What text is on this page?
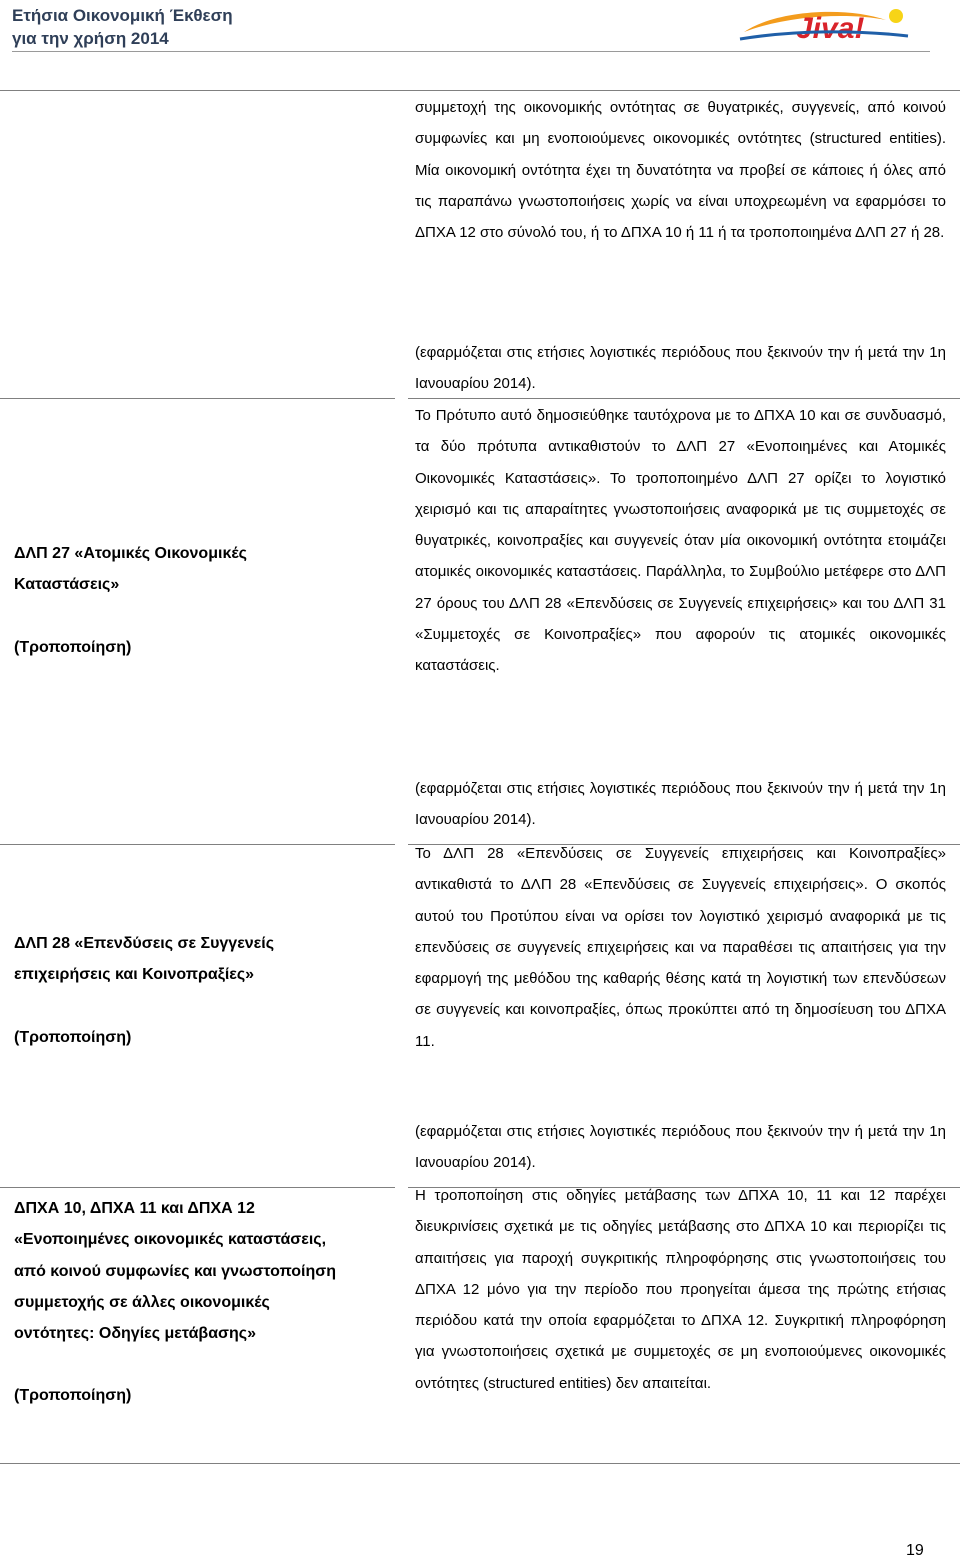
Ετήσια Οικονομική Έκθεση
για την χρήση 2014	Jiva!
συμμετοχή της οικονομικής οντότητας σε θυγατρικές, συγγενείς, από κοινού συμφωνίες και μη ενοποιούμενες οικονομικές οντότητες (structured entities). Μία οικονομική οντότητα έχει τη δυνατότητα να προβεί σε κάποιες ή όλες από τις παραπάνω γνωστοποιήσεις χωρίς να είναι υποχρεωμένη να εφαρμόσει το ΔΠΧΑ 12 στο σύνολό του, ή το ΔΠΧΑ 10 ή 11 ή τα τροποποιημένα ΔΛΠ 27 ή 28.
(εφαρμόζεται στις ετήσιες λογιστικές περιόδους που ξεκινούν την ή μετά την 1η Ιανουαρίου 2014).
ΔΛΠ 27 «Ατομικές Οικονομικές
Καταστάσεις»
(Τροποποίηση)
Το Πρότυπο αυτό δημοσιεύθηκε ταυτόχρονα με το ΔΠΧΑ 10 και σε συνδυασμό, τα δύο πρότυπα αντικαθιστούν το ΔΛΠ 27 «Ενοποιημένες και Ατομικές Οικονομικές Καταστάσεις». Το τροποποιημένο ΔΛΠ 27 ορίζει το λογιστικό χειρισμό και τις απαραίτητες γνωστοποιήσεις αναφορικά με τις συμμετοχές σε θυγατρικές, κοινοπραξίες και συγγενείς όταν μία οικονομική οντότητα ετοιμάζει ατομικές οικονομικές καταστάσεις. Παράλληλα, το Συμβούλιο μετέφερε στο ΔΛΠ 27 όρους του ΔΛΠ 28 «Επενδύσεις σε Συγγενείς επιχειρήσεις» και του ΔΛΠ 31 «Συμμετοχές σε Κοινοπραξίες» που αφορούν τις ατομικές οικονομικές καταστάσεις.
(εφαρμόζεται στις ετήσιες λογιστικές περιόδους που ξεκινούν την ή μετά την 1η Ιανουαρίου 2014).
ΔΛΠ 28 «Επενδύσεις σε Συγγενείς
επιχειρήσεις και Κοινοπραξίες»
(Τροποποίηση)
Το ΔΛΠ 28 «Επενδύσεις σε Συγγενείς επιχειρήσεις και Κοινοπραξίες» αντικαθιστά το ΔΛΠ 28 «Επενδύσεις σε Συγγενείς επιχειρήσεις». Ο σκοπός αυτού του Προτύπου είναι να ορίσει τον λογιστικό χειρισμό αναφορικά με τις επενδύσεις σε συγγενείς επιχειρήσεις και να παραθέσει τις απαιτήσεις για την εφαρμογή της μεθόδου της καθαρής θέσης κατά τη λογιστική των επενδύσεων σε συγγενείς και κοινοπραξίες, όπως προκύπτει από τη δημοσίευση του ΔΠΧΑ 11.
(εφαρμόζεται στις ετήσιες λογιστικές περιόδους που ξεκινούν την ή μετά την 1η Ιανουαρίου 2014).
ΔΠΧΑ 10, ΔΠΧΑ 11 και ΔΠΧΑ 12
«Ενοποιημένες οικονομικές καταστάσεις,
από κοινού συμφωνίες και γνωστοποίηση
συμμετοχής σε άλλες οικονομικές
οντότητες: Οδηγίες μετάβασης»
(Τροποποίηση)
Η τροποποίηση στις οδηγίες μετάβασης των ΔΠΧΑ 10, 11 και 12 παρέχει διευκρινίσεις σχετικά με τις οδηγίες μετάβασης στο ΔΠΧΑ 10 και περιορίζει τις απαιτήσεις για παροχή συγκριτικής πληροφόρησης στις γνωστοποιήσεις του ΔΠΧΑ 12 μόνο για την περίοδο που προηγείται άμεσα της πρώτης ετήσιας περιόδου κατά την οποία εφαρμόζεται το ΔΠΧΑ 12. Συγκριτική πληροφόρηση για γνωστοποιήσεις σχετικά με συμμετοχές σε μη ενοποιούμενες οικονομικές οντότητες (structured entities) δεν απαιτείται.
19
